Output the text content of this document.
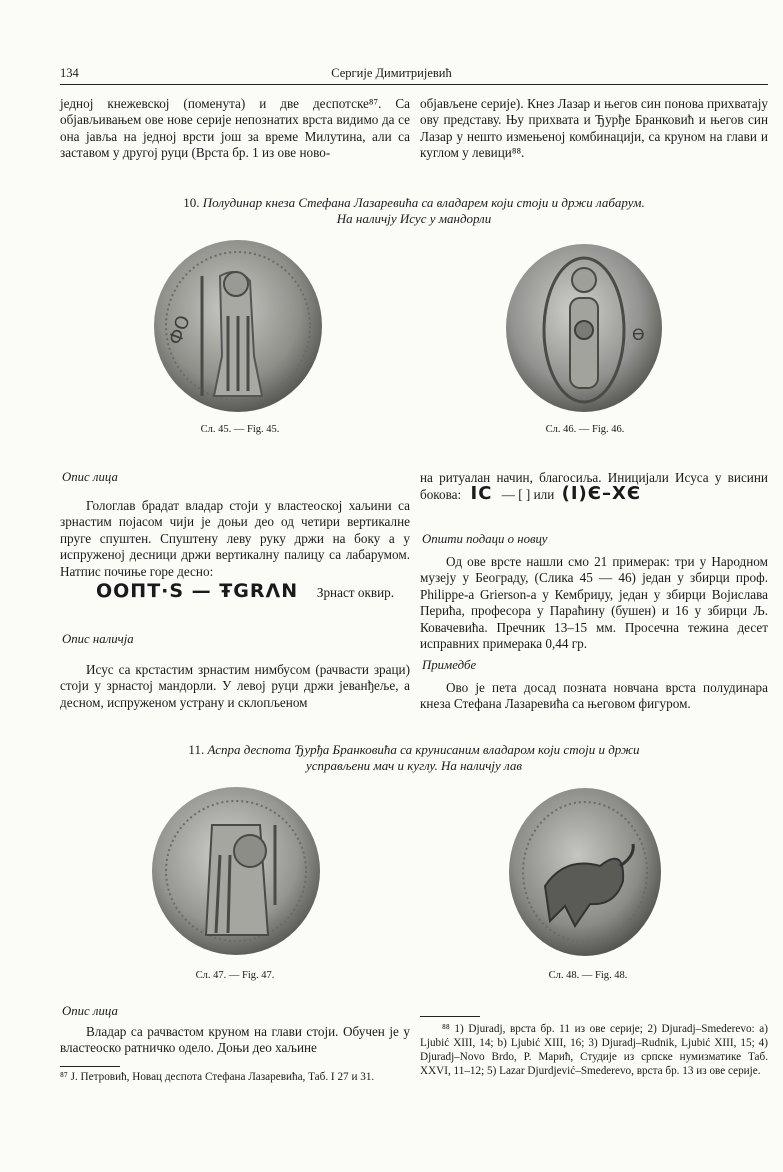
134	Сергије Димитријевић

једној кнежевској (поменута) и две деспотске⁸⁷. Са објављивањем ове нове серије непознатих врста видимо да се она јавља на једној врсти још за време Милутина, али са заставом у другој руци (Врста бр. 1 из ове ново-

објављене серије). Кнез Лазар и његов син понова прихватају ову представу. Њу прихвата и Ђурђе Бранковић и његов син Лазар у нешто измењеној комбинацији, са круном на глави и куглом у левици⁸⁸.

10. Полудинар кнеза Стефана Лазаревића са владарем који стоји и држи лабарум.
На наличју Исус у мандорли
ФО	Ѳ
Сл. 45. — Fig. 45.	Сл. 46. — Fig. 46.
Опис лица

Гологлав брадат владар стоји у властеоској хаљини са зрнастим појасом чији је доњи део од четири вертикалне пруге спуштен. Спуштену леву руку држи на боку а у испруженој десници држи вертикалну палицу са лабарумом. Натпис почиње горе десно:

ΟΟΠΤ·Ѕ — ŦGRΛN Зрнаст оквир.
Опис наличја

Исус са крстастим зрнастим нимбусом (рачвасти зраци) стоји у зрнастој мандорли. У левој руци држи јеванђеље, а десном, испруженом устрану и склопљеном

на ритуалан начин, благосиља. Иницијали Исуса у висини бокова: IC — [ ] или (I)Є–ХЄ

Општи подаци о новцу

Од ове врсте нашли смо 21 примерак: три у Народном музеју у Београду, (Слика 45 — 46) један у збирци проф. Philippe-a Grierson-a у Кембриџу, један у збирци Војислава Перића, професора у Параћину (бушен) и 16 у збирци Љ. Ковачевића. Пречник 13–15 мм. Просечна тежина десет исправних примерака 0,44 гр.

Примедбе

Ово је пета досад позната новчана врста полудинара кнеза Стефана Лазаревића са његовом фигуром.

11. Аспра деспота Ђурђа Бранковића са крунисаним владаром који стоји и држи
усправљени мач и куглу. На наличју лав
Сл. 47. — Fig. 47.	Сл. 48. — Fig. 48.
Опис лица

Владар са рачвастом круном на глави стоји. Обучен је у властеоско ратничко одело. Доњи део хаљине

⁸⁷ Ј. Петровић, Новац деспота Стефана Лазаревића, Таб. I 27 и 31.

⁸⁸ 1) Djuradj, врста бр. 11 из ове серије; 2) Djuradj–Smederevo: a) Ljubić XIII, 14; b) Ljubić XIII, 16; 3) Djuradj–Rudnik, Ljubić XIII, 15; 4) Djuradj–Novo Brdo, P. Марић, Студије из српске нумизматике Таб. XXVI, 11–12; 5) Lazar Djurdjević–Smederevo, врста бр. 13 из ове серије.
